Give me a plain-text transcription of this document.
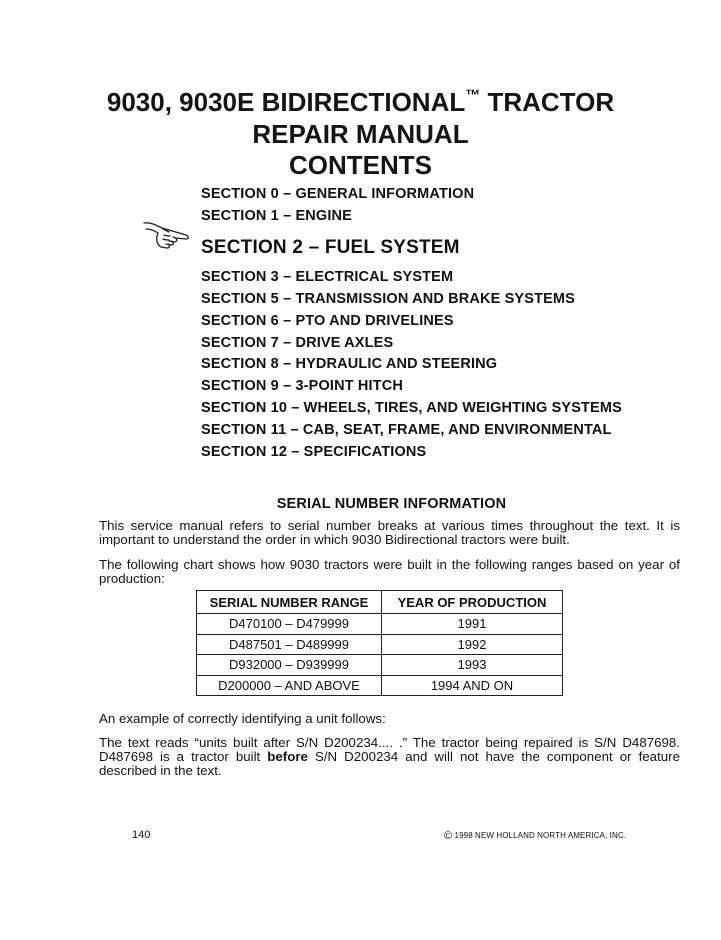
9030, 9030E BIDIRECTIONAL™ TRACTOR
REPAIR MANUAL
CONTENTS
SECTION 0 – GENERAL INFORMATION
SECTION 1 – ENGINE
SECTION 2 – FUEL SYSTEM
SECTION 3 – ELECTRICAL SYSTEM
SECTION 5 – TRANSMISSION AND BRAKE SYSTEMS
SECTION 6 – PTO AND DRIVELINES
SECTION 7 – DRIVE AXLES
SECTION 8 – HYDRAULIC AND STEERING
SECTION 9 – 3-POINT HITCH
SECTION 10 – WHEELS, TIRES, AND WEIGHTING SYSTEMS
SECTION 11 – CAB, SEAT, FRAME, AND ENVIRONMENTAL
SECTION 12 – SPECIFICATIONS
SERIAL NUMBER INFORMATION

This service manual refers to serial number breaks at various times throughout the text. It is important to understand the order in which 9030 Bidirectional tractors were built.

The following chart shows how 9030 tractors were built in the following ranges based on year of production:

SERIAL NUMBER RANGE	YEAR OF PRODUCTION
D470100 – D479999	1991
D487501 – D489999	1992
D932000 – D939999	1993
D200000 – AND ABOVE	1994 AND ON

An example of correctly identifying a unit follows:

The text reads “units built after S/N D200234.... .” The tractor being repaired is S/N D487698. D487698 is a tractor built before S/N D200234 and will not have the component or feature described in the text.

140	© 1998 NEW HOLLAND NORTH AMERICA, INC.
